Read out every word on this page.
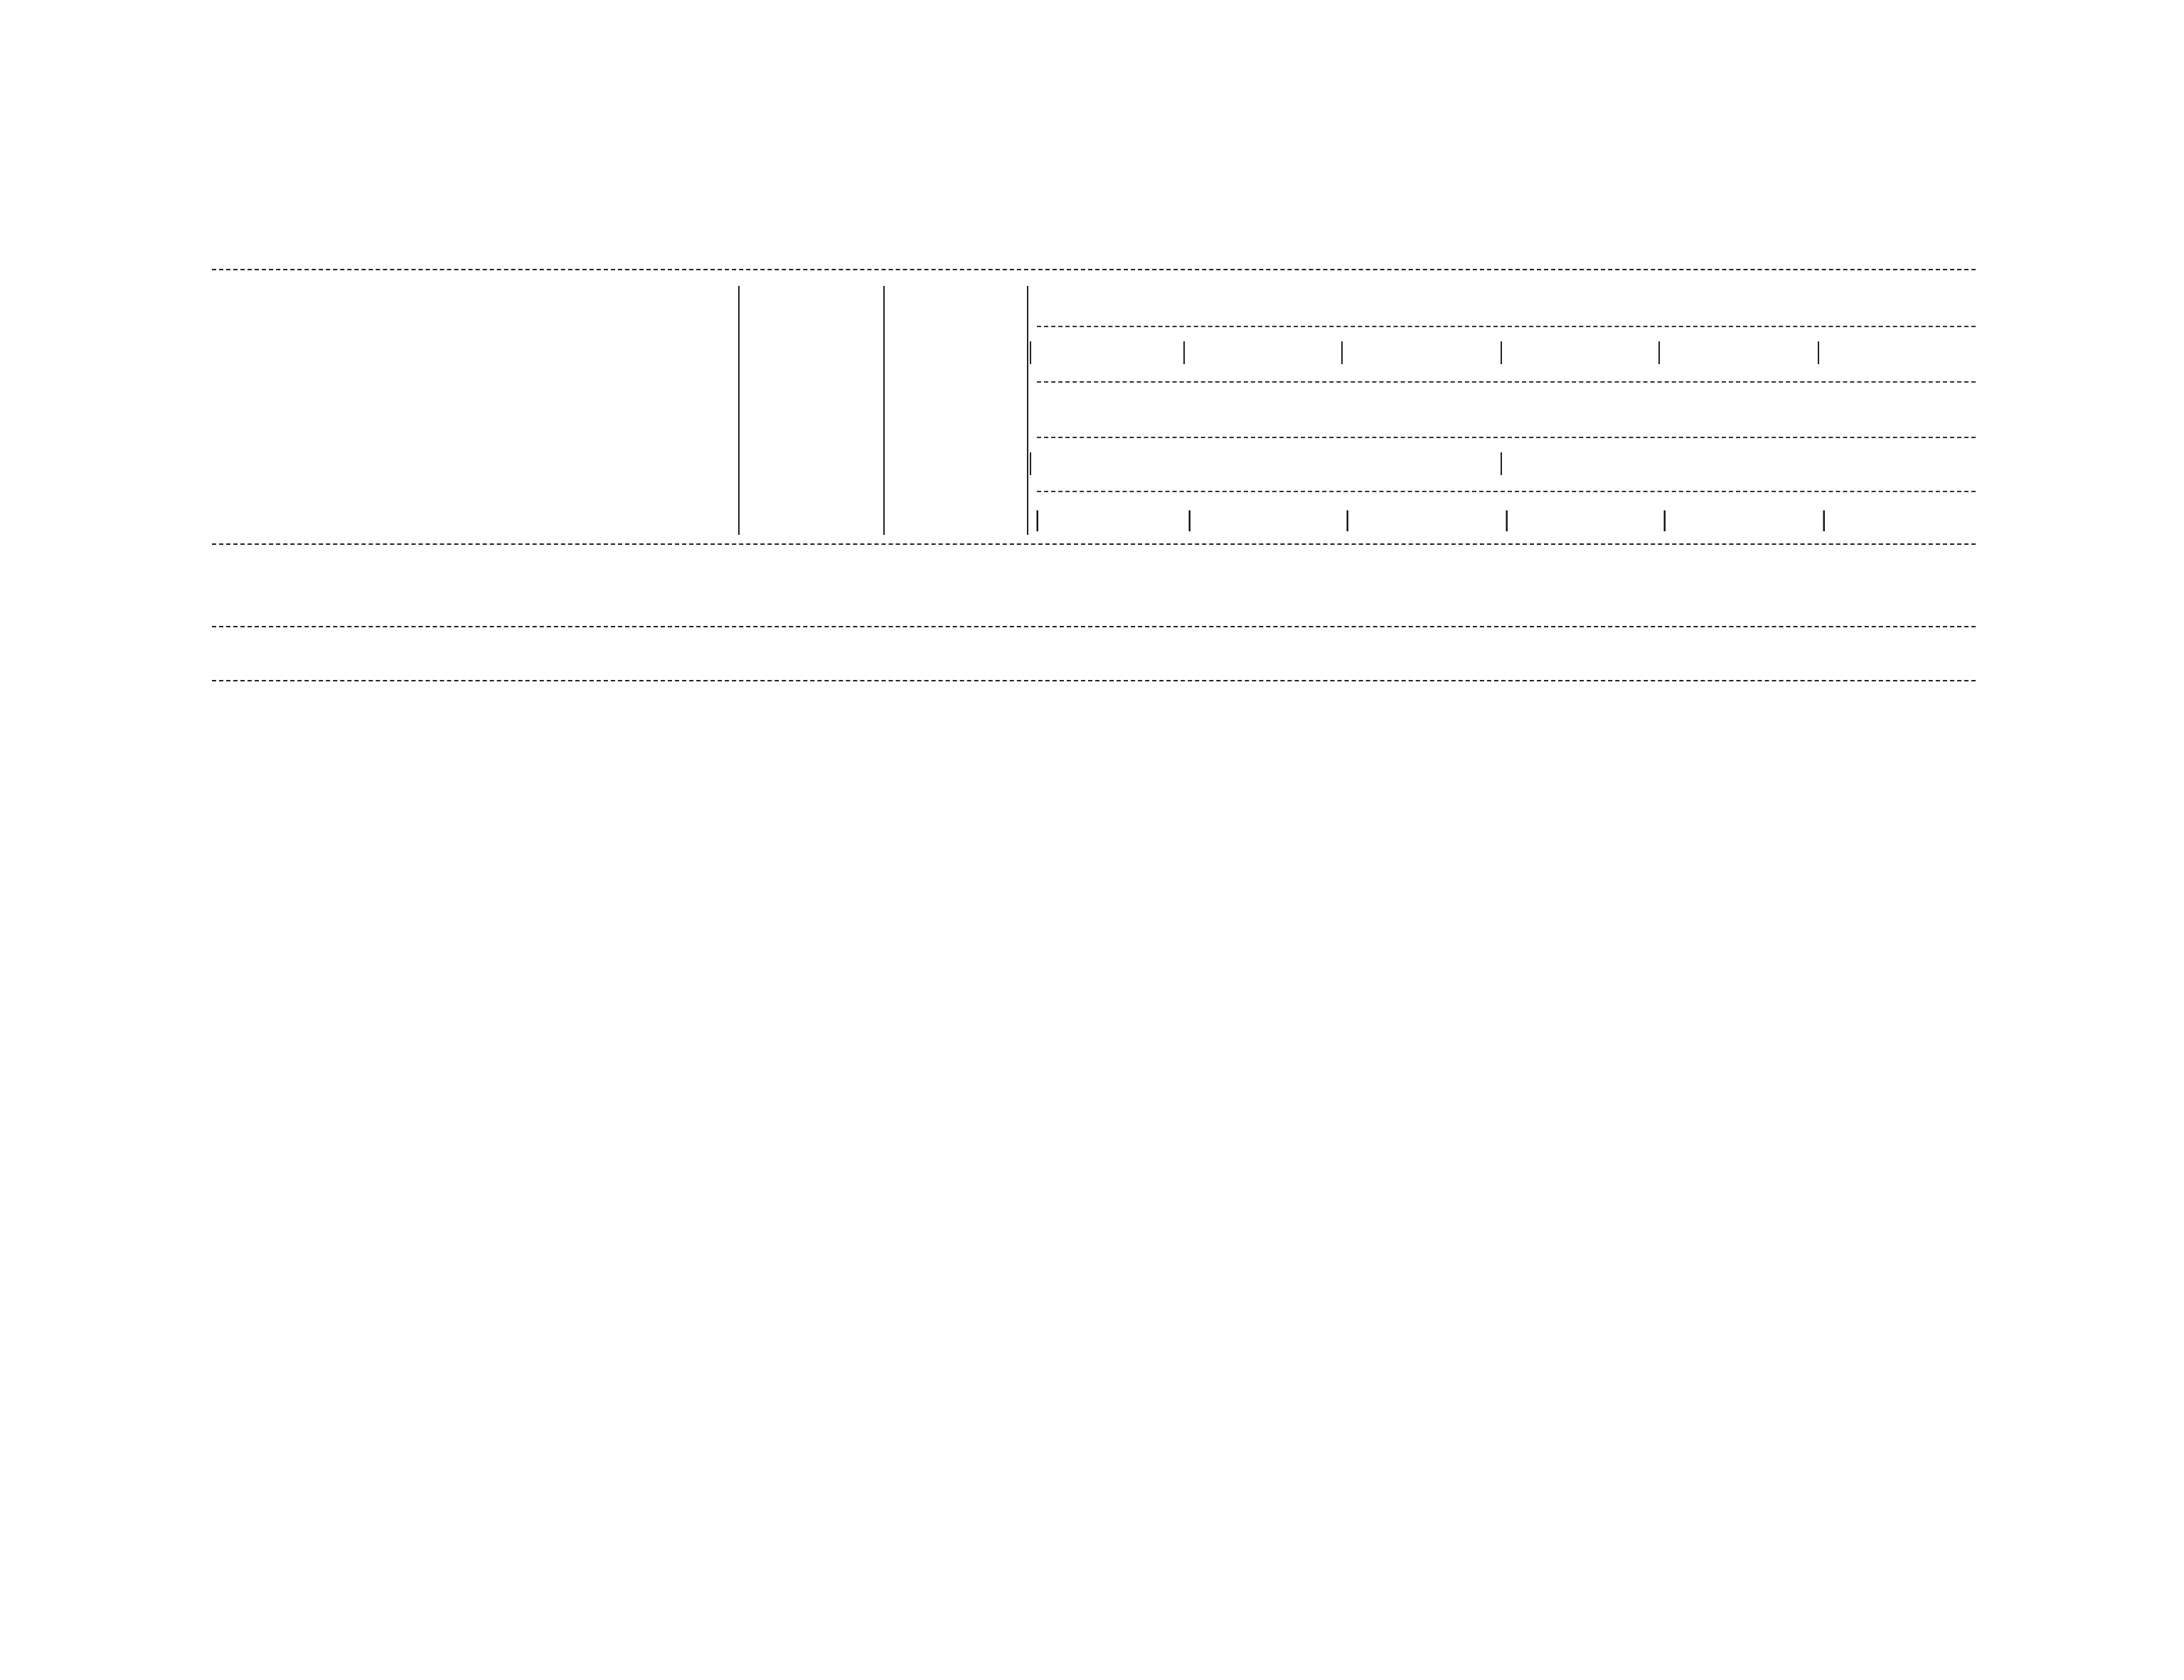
|	|	|	|	|	|
